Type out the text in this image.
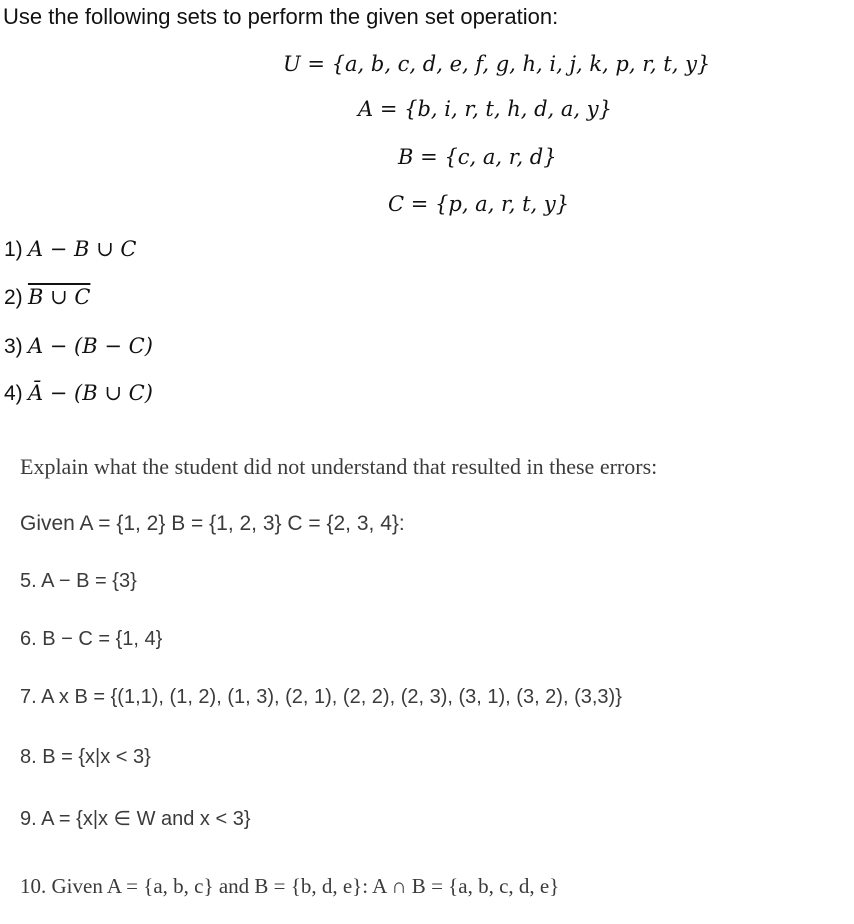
Use the following sets to perform the given set operation:
U = {a, b, c, d, e, f, g, h, i, j, k, p, r, t, y}
A = {b, i, r, t, h, d, a, y}
B = {c, a, r, d}
C = {p, a, r, t, y}
1) A − B ∪ C
2) B ∪ C
3) A − (B − C)
4) Ā − (B ∪ C)
Explain what the student did not understand that resulted in these errors:
Given A = {1, 2} B = {1, 2, 3} C = {2, 3, 4}:
5. A − B = {3}
6. B − C = {1, 4}
7. A x B = {(1,1), (1, 2), (1, 3), (2, 1), (2, 2), (2, 3), (3, 1), (3, 2), (3,3)}
8. B = {x|x < 3}
9. A = {x|x ∈ W and x < 3}
10. Given A = {a, b, c} and B = {b, d, e}: A ∩ B = {a, b, c, d, e}
